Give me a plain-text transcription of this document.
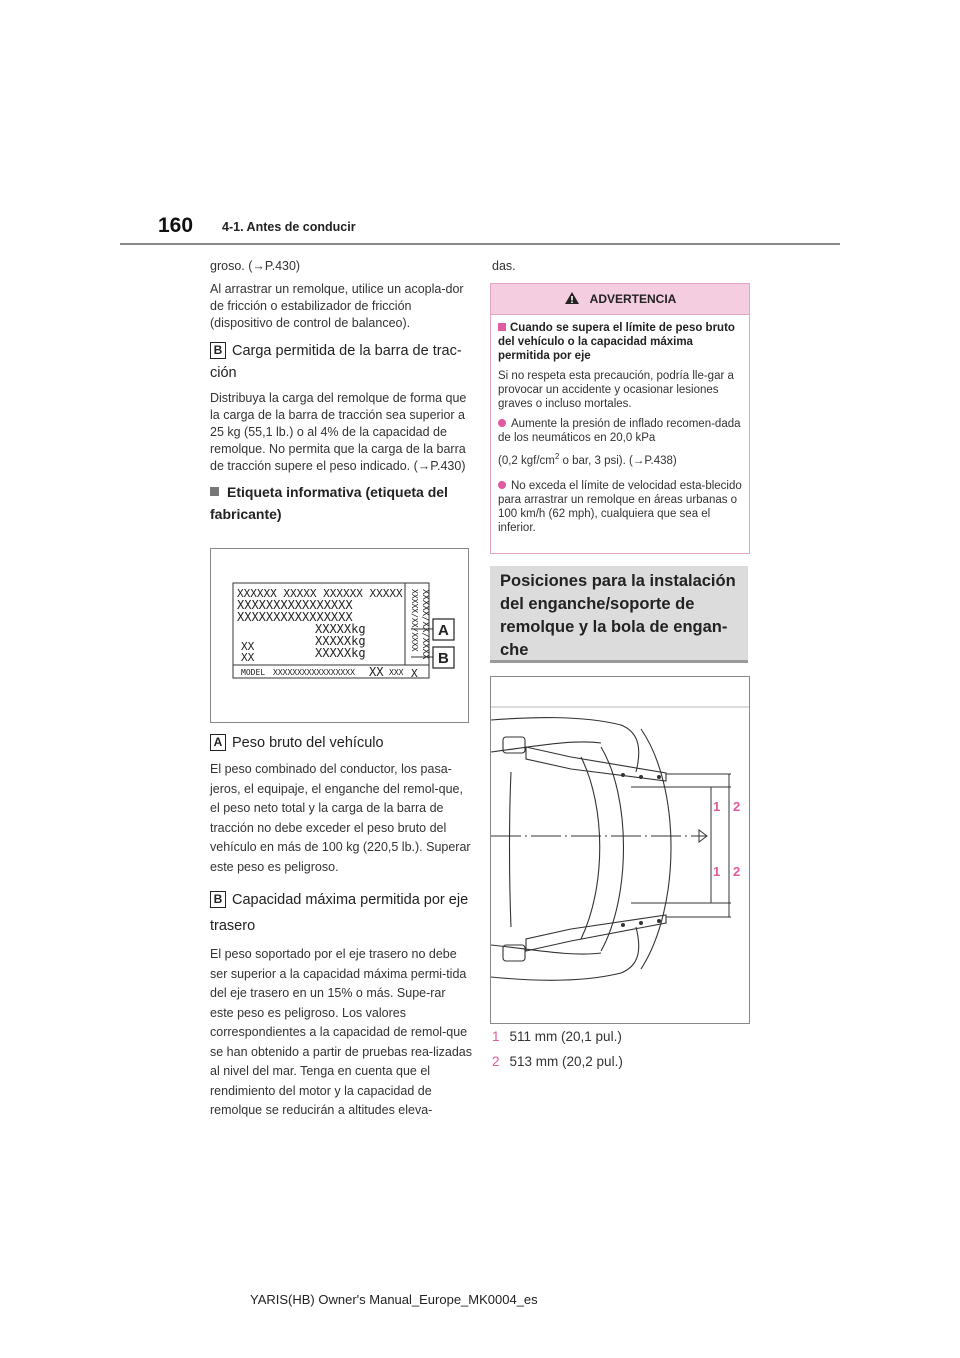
160 4-1. Antes de conducir

groso. (→P.430)

Al arrastrar un remolque, utilice un acopla-dor de fricción o estabilizador de fricción (dispositivo de control de balanceo).

B Carga permitida de la barra de trac-ción

Distribuya la carga del remolque de forma que la carga de la barra de tracción sea superior a 25 kg (55,1 lb.) o al 4% de la capacidad de remolque. No permita que la carga de la barra de tracción supere el peso indicado. (→P.430)

Etiqueta informativa (etiqueta del fabricante)
XXXXXX XXXXX XXXXXX XXXXX
XXXXXXXXXXXXXXXX
XXXXXXXXXXXXXXXX
XXXXXkg
XXXXXkg
XXXXXkg
XX
XX
MODEL XXXXXXXXXXXXXXXXX XX XXX
XXXXX/XX/XXXX XXXXX/XX/XXXX
X
A
B
A Peso bruto del vehículo

El peso combinado del conductor, los pasa-jeros, el equipaje, el enganche del remol-que, el peso neto total y la carga de la barra de tracción no debe exceder el peso bruto del vehículo en más de 100 kg (220,5 lb.). Superar este peso es peligroso.

B Capacidad máxima permitida por eje trasero

El peso soportado por el eje trasero no debe ser superior a la capacidad máxima permi-tida del eje trasero en un 15% o más. Supe-rar este peso es peligroso. Los valores correspondientes a la capacidad de remol-que se han obtenido a partir de pruebas rea-lizadas al nivel del mar. Tenga en cuenta que el rendimiento del motor y la capacidad de remolque se reducirán a altitudes eleva-

das.
ADVERTENCIA

Cuando se supera el límite de peso bruto del vehículo o la capacidad máxima permitida por eje

Si no respeta esta precaución, podría lle-gar a provocar un accidente y ocasionar lesiones graves o incluso mortales.

Aumente la presión de inflado recomen-dada de los neumáticos en 20,0 kPa
(0,2 kgf/$cm^2$ o bar, 3 psi). (→P.438)

No exceda el límite de velocidad esta-blecido para arrastrar un remolque en áreas urbanas o 100 km/h (62 mph), cualquiera que sea el inferior.

Posiciones para la instalación del enganche/soporte de remolque y la bola de engan-che
1 2
1 2
1 511 mm (20,1 pul.)
2 513 mm (20,2 pul.)
YARIS(HB) Owner's Manual_Europe_MK0004_es
